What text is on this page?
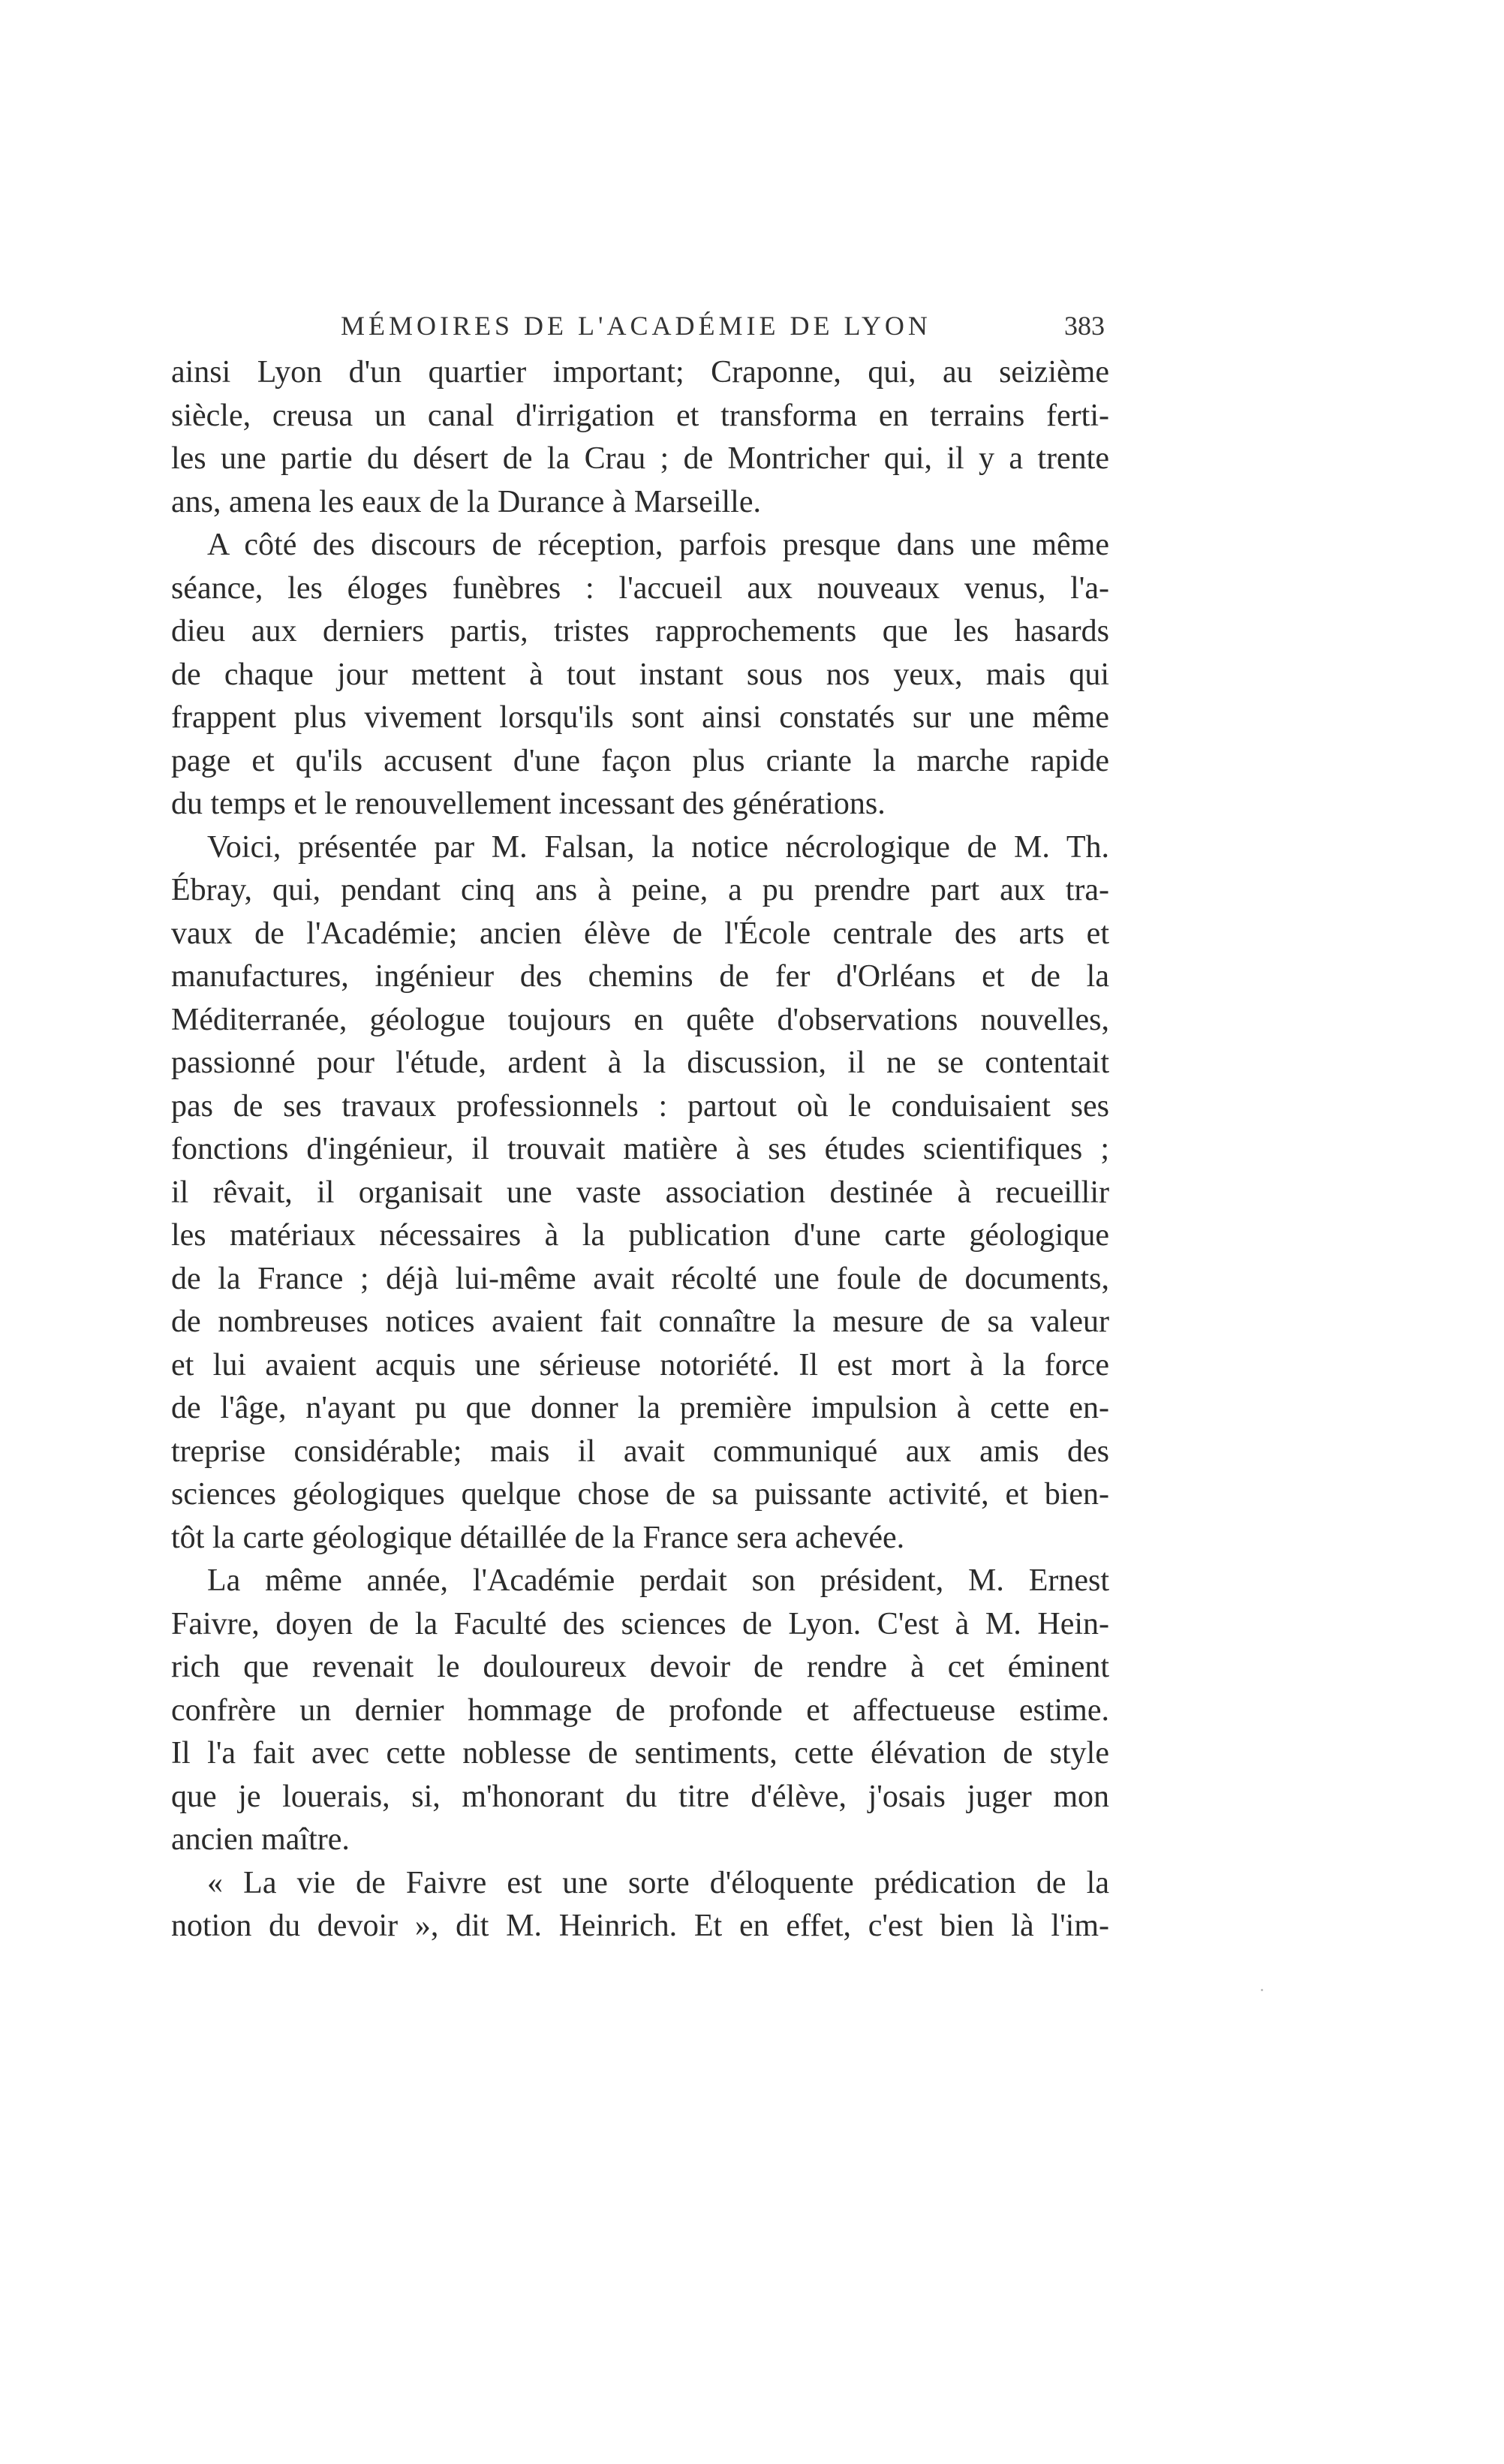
MÉMOIRES DE L'ACADÉMIE DE LYON	383
ainsi Lyon d'un quartier important; Craponne, qui, au seizième
siècle, creusa un canal d'irrigation et transforma en terrains ferti-
les une partie du désert de la Crau ; de Montricher qui, il y a trente
ans, amena les eaux de la Durance à Marseille.
A côté des discours de réception, parfois presque dans une même
séance, les éloges funèbres : l'accueil aux nouveaux venus, l'a-
dieu aux derniers partis, tristes rapprochements que les hasards
de chaque jour mettent à tout instant sous nos yeux, mais qui
frappent plus vivement lorsqu'ils sont ainsi constatés sur une même
page et qu'ils accusent d'une façon plus criante la marche rapide
du temps et le renouvellement incessant des générations.
Voici, présentée par M. Falsan, la notice nécrologique de M. Th.
Ébray, qui, pendant cinq ans à peine, a pu prendre part aux tra-
vaux de l'Académie; ancien élève de l'École centrale des arts et
manufactures, ingénieur des chemins de fer d'Orléans et de la
Méditerranée, géologue toujours en quête d'observations nouvelles,
passionné pour l'étude, ardent à la discussion, il ne se contentait
pas de ses travaux professionnels : partout où le conduisaient ses
fonctions d'ingénieur, il trouvait matière à ses études scientifiques ;
il rêvait, il organisait une vaste association destinée à recueillir
les matériaux nécessaires à la publication d'une carte géologique
de la France ; déjà lui-même avait récolté une foule de documents,
de nombreuses notices avaient fait connaître la mesure de sa valeur
et lui avaient acquis une sérieuse notoriété. Il est mort à la force
de l'âge, n'ayant pu que donner la première impulsion à cette en-
treprise considérable; mais il avait communiqué aux amis des
sciences géologiques quelque chose de sa puissante activité, et bien-
tôt la carte géologique détaillée de la France sera achevée.
La même année, l'Académie perdait son président, M. Ernest
Faivre, doyen de la Faculté des sciences de Lyon. C'est à M. Hein-
rich que revenait le douloureux devoir de rendre à cet éminent
confrère un dernier hommage de profonde et affectueuse estime.
Il l'a fait avec cette noblesse de sentiments, cette élévation de style
que je louerais, si, m'honorant du titre d'élève, j'osais juger mon
ancien maître.
« La vie de Faivre est une sorte d'éloquente prédication de la
notion du devoir », dit M. Heinrich. Et en effet, c'est bien là l'im-
